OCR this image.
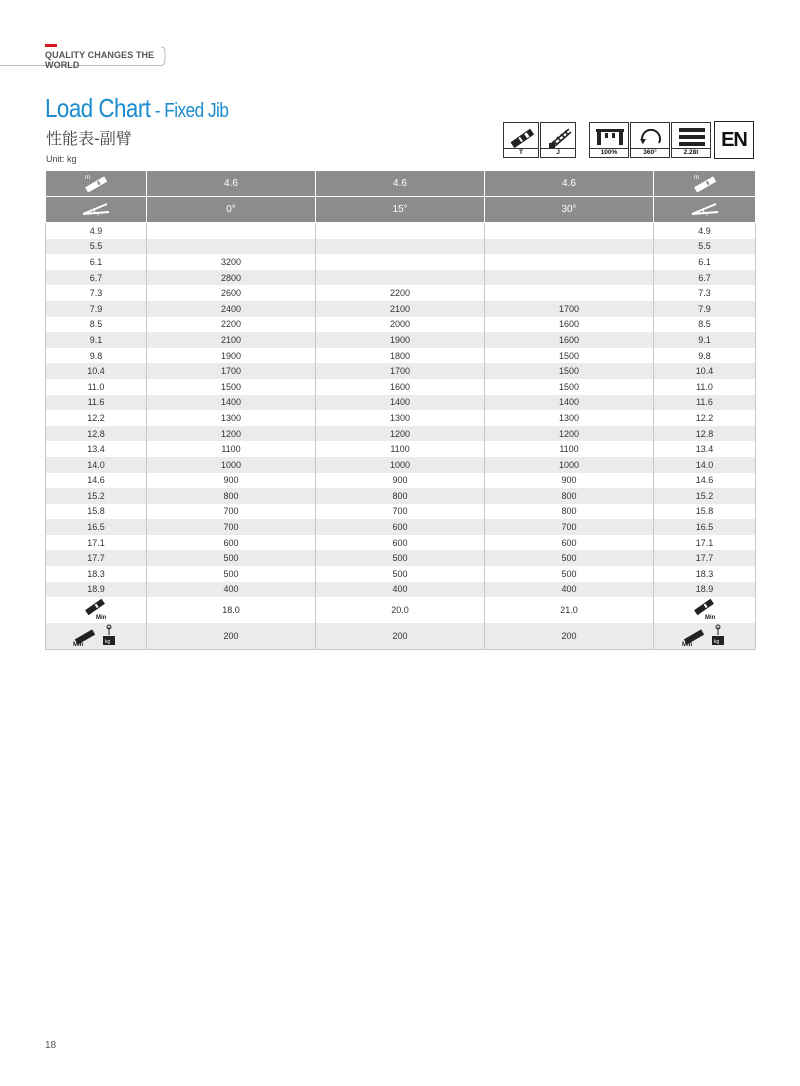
QUALITY CHANGES THE WORLD
Load Chart - Fixed Jib
性能表-副臂
Unit: kg
T	J	100%	360°	2.28t
EN
m	4.6	4.6	4.6	m

°	0°	15°	30°	°

4.9				4.9
5.5				5.5
6.1	3200			6.1
6.7	2800			6.7
7.3	2600	2200		7.3
7.9	2400	2100	1700	7.9
8.5	2200	2000	1600	8.5
9.1	2100	1900	1600	9.1
9.8	1900	1800	1500	9.8
10.4	1700	1700	1500	10.4
11.0	1500	1600	1500	11.0
11.6	1400	1400	1400	11.6
12.2	1300	1300	1300	12.2
12.8	1200	1200	1200	12.8
13.4	1100	1100	1100	13.4
14.0	1000	1000	1000	14.0
14.6	900	900	900	14.6
15.2	800	800	800	15.2
15.8	700	700	800	15.8
16.5	700	600	700	16.5
17.1	600	600	600	17.1
17.7	500	500	500	17.7
18.3	500	500	500	18.3
18.9	400	400	400	18.9

Min	18.0	20.0	21.0	Min

Min kg	200	200	200	Min kg
18
